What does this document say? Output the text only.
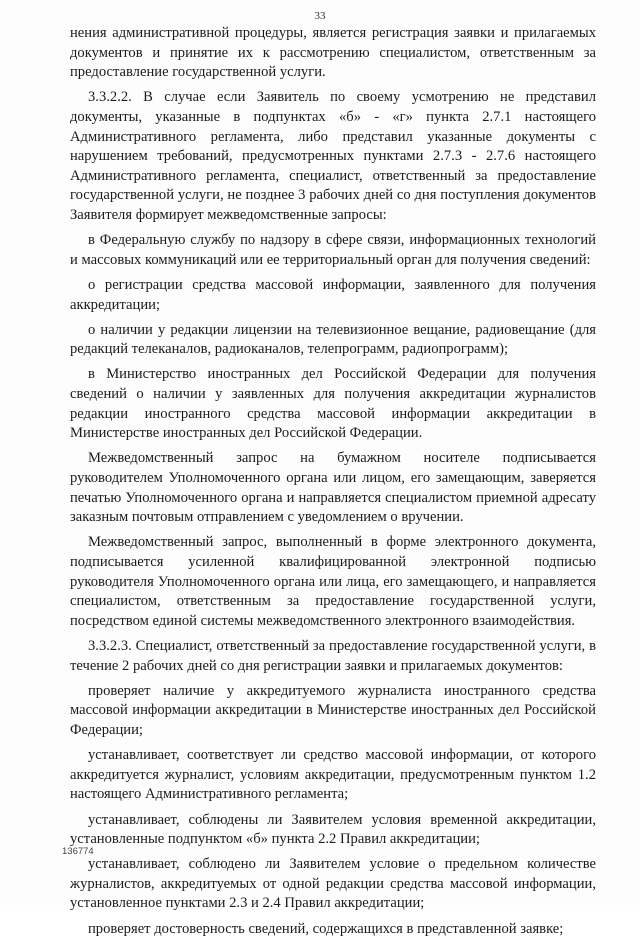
33

нения административной процедуры, является регистрация заявки и прилагаемых документов и принятие их к рассмотрению специалистом, ответственным за предоставление государственной услуги.

3.3.2.2. В случае если Заявитель по своему усмотрению не представил документы, указанные в подпунктах «б» - «г» пункта 2.7.1 настоящего Административного регламента, либо представил указанные документы с нарушением требований, предусмотренных пунктами 2.7.3 - 2.7.6 настоящего Административного регламента, специалист, ответственный за предоставление государственной услуги, не позднее 3 рабочих дней со дня поступления документов Заявителя формирует межведомственные запросы:

в Федеральную службу по надзору в сфере связи, информационных технологий и массовых коммуникаций или ее территориальный орган для получения сведений:

о регистрации средства массовой информации, заявленного для получения аккредитации;

о наличии у редакции лицензии на телевизионное вещание, радиовещание (для редакций телеканалов, радиоканалов, телепрограмм, радиопрограмм);

в Министерство иностранных дел Российской Федерации для получения сведений о наличии у заявленных для получения аккредитации журналистов редакции иностранного средства массовой информации аккредитации в Министерстве иностранных дел Российской Федерации.

Межведомственный запрос на бумажном носителе подписывается руководителем Уполномоченного органа или лицом, его замещающим, заверяется печатью Уполномоченного органа и направляется специалистом приемной адресату заказным почтовым отправлением с уведомлением о вручении.

Межведомственный запрос, выполненный в форме электронного документа, подписывается усиленной квалифицированной электронной подписью руководителя Уполномоченного органа или лица, его замещающего, и направляется специалистом, ответственным за предоставление государственной услуги, посредством единой системы межведомственного электронного взаимодействия.

3.3.2.3. Специалист, ответственный за предоставление государственной услуги, в течение 2 рабочих дней со дня регистрации заявки и прилагаемых документов:

проверяет наличие у аккредитуемого журналиста иностранного средства массовой информации аккредитации в Министерстве иностранных дел Российской Федерации;

устанавливает, соответствует ли средство массовой информации, от которого аккредитуется журналист, условиям аккредитации, предусмотренным пунктом 1.2 настоящего Административного регламента;

устанавливает, соблюдены ли Заявителем условия временной аккредитации, установленные подпунктом «б» пункта 2.2 Правил аккредитации;

устанавливает, соблюдено ли Заявителем условие о предельном количестве журналистов, аккредитуемых от одной редакции средства массовой информации, установленное пунктами 2.3 и 2.4 Правил аккредитации;

проверяет достоверность сведений, содержащихся в представленной заявке;

136774
